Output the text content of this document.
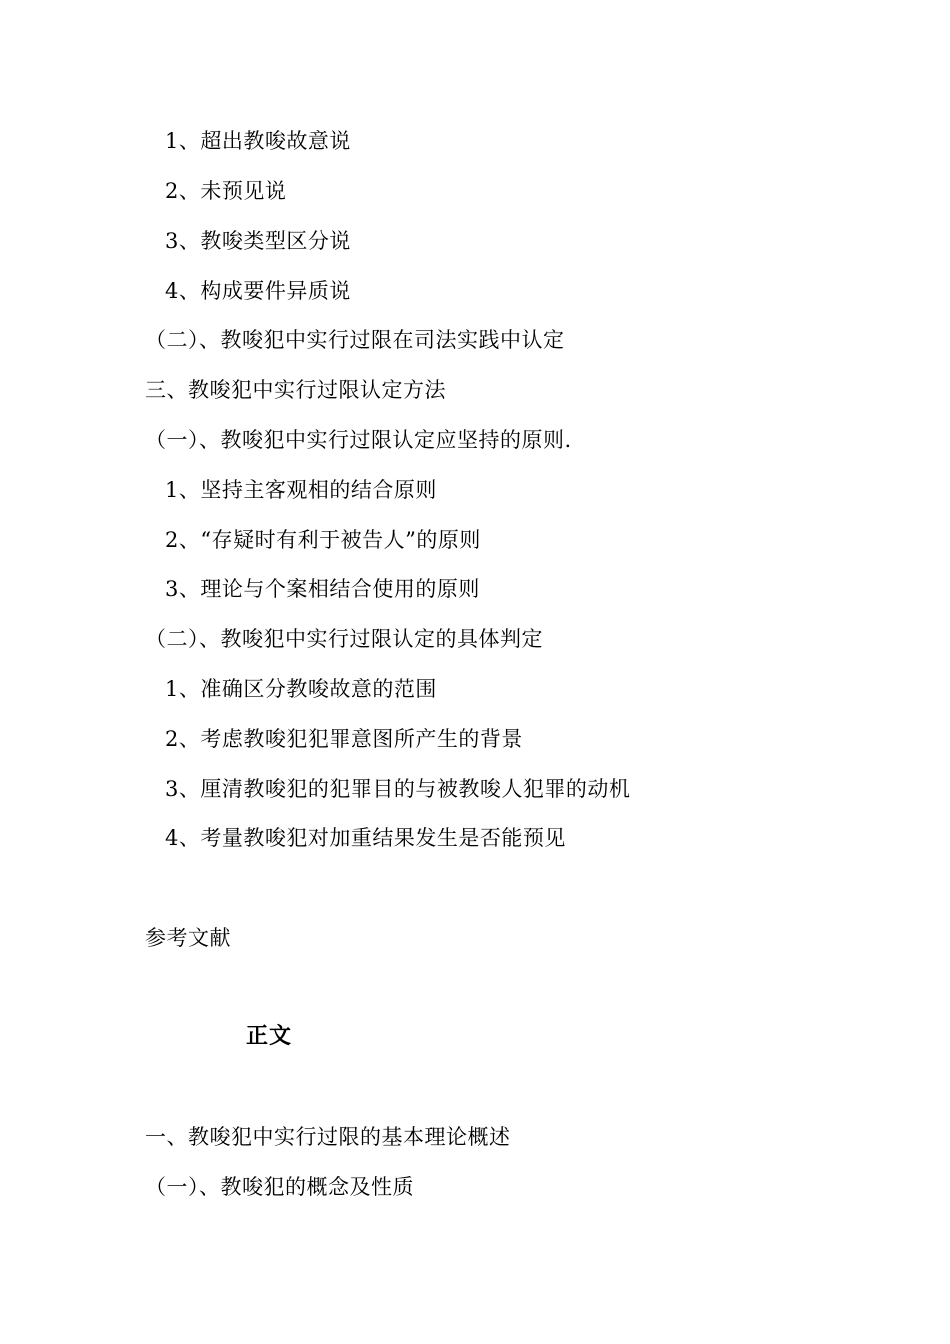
1、超出教唆故意说
2、未预见说
3、教唆类型区分说
4、构成要件异质说
（二）、教唆犯中实行过限在司法实践中认定
三、教唆犯中实行过限认定方法
（一）、教唆犯中实行过限认定应坚持的原则.
1、坚持主客观相的结合原则
2、“存疑时有利于被告人”的原则
3、理论与个案相结合使用的原则
（二）、教唆犯中实行过限认定的具体判定
1、准确区分教唆故意的范围
2、考虑教唆犯犯罪意图所产生的背景
3、厘清教唆犯的犯罪目的与被教唆人犯罪的动机
4、考量教唆犯对加重结果发生是否能预见
参考文献
正文
一、教唆犯中实行过限的基本理论概述
（一）、教唆犯的概念及性质
